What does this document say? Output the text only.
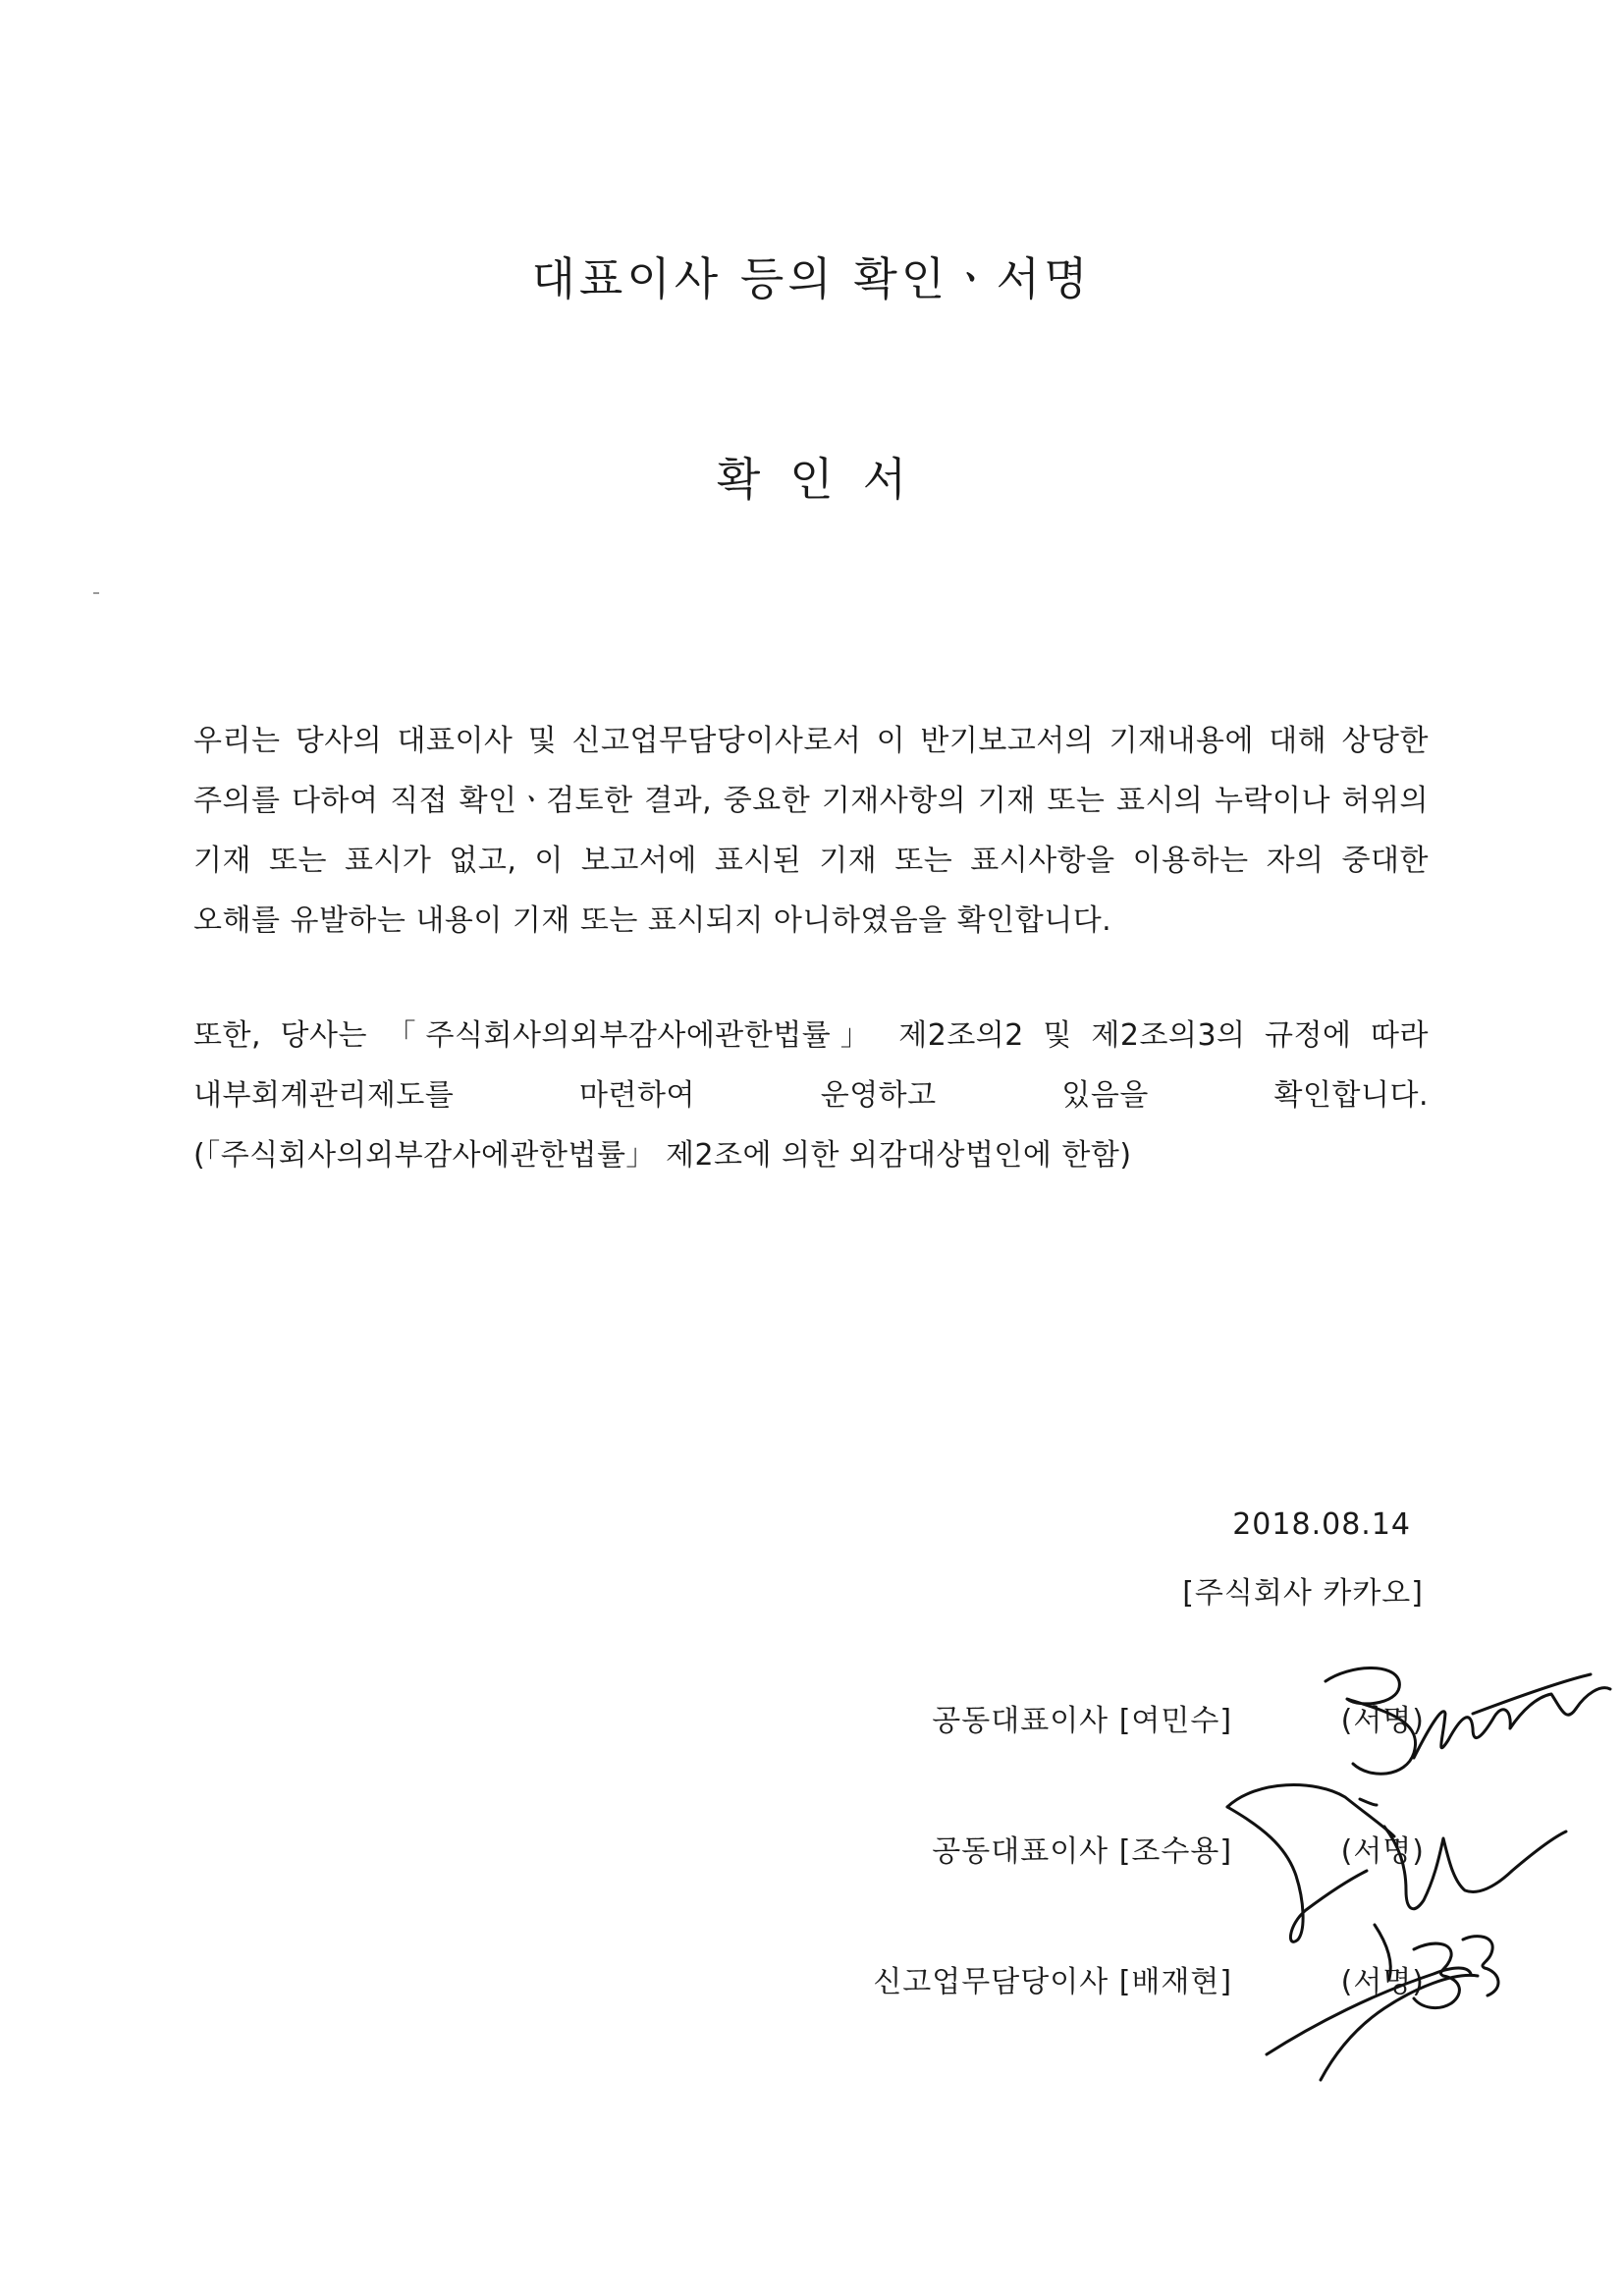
대표이사 등의 확인ㆍ서명
확인서
우리는 당사의 대표이사 및 신고업무담당이사로서 이 반기보고서의 기재내용에 대해 상당한 주의를 다하여 직접 확인ㆍ검토한 결과, 중요한 기재사항의 기재 또는 표시의 누락이나 허위의 기재 또는 표시가 없고, 이 보고서에 표시된 기재 또는 표시사항을 이용하는 자의 중대한 오해를 유발하는 내용이 기재 또는 표시되지 아니하였음을 확인합니다.
또한, 당사는 「주식회사의외부감사에관한법률」 제2조의2 및 제2조의3의 규정에 따라 내부회계관리제도를 마련하여 운영하고 있음을 확인합니다. (「주식회사의외부감사에관한법률」 제2조에 의한 외감대상법인에 한함)
2018.08.14
[주식회사 카카오]
공동대표이사 [여민수]	(서명)
공동대표이사 [조수용]	(서명)
신고업무담당이사 [배재현]	(서명)
